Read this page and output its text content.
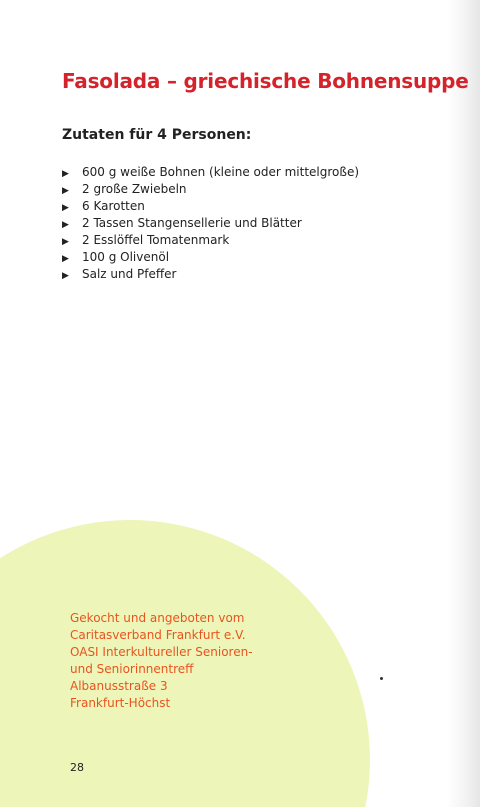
Fasolada – griechische Bohnensuppe
Zutaten für 4 Personen:
▶ 600 g weiße Bohnen (kleine oder mittelgroße)
▶ 2 große Zwiebeln
▶ 6 Karotten
▶ 2 Tassen Stangensellerie und Blätter
▶ 2 Esslöffel Tomatenmark
▶ 100 g Olivenöl
▶ Salz und Pfeffer
Gekocht und angeboten vom
Caritasverband Frankfurt e.V.
OASI Interkultureller Senioren-
und Seniorinnentreff
Albanusstraße 3
Frankfurt-Höchst
28
